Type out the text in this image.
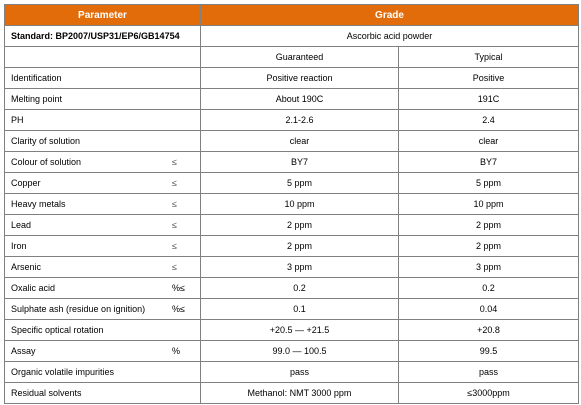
Parameter	Grade	
Standard: BP2007/USP31/EP6/GB14754	Ascorbic acid powder	
	Guaranteed	Typical

Identification	Positive reaction	Positive

Melting point	About 190C	191C

PH	2.1-2.6	2.4

Clarity of solution	clear	clear

Colour of solution ≤	BY7	BY7

Copper ≤	5 ppm	5 ppm

Heavy metals ≤	10 ppm	10 ppm

Lead ≤	2 ppm	2 ppm

Iron ≤	2 ppm	2 ppm

Arsenic ≤	3 ppm	3 ppm

Oxalic acid %≤	0.2	0.2

Sulphate ash (residue on ignition) %≤	0.1	0.04

Specific optical rotation	+20.5 — +21.5	+20.8

Assay %	99.0 — 100.5	99.5

Organic volatile impurities	pass	pass

Residual solvents	Methanol: NMT 3000 ppm	≤3000ppm
